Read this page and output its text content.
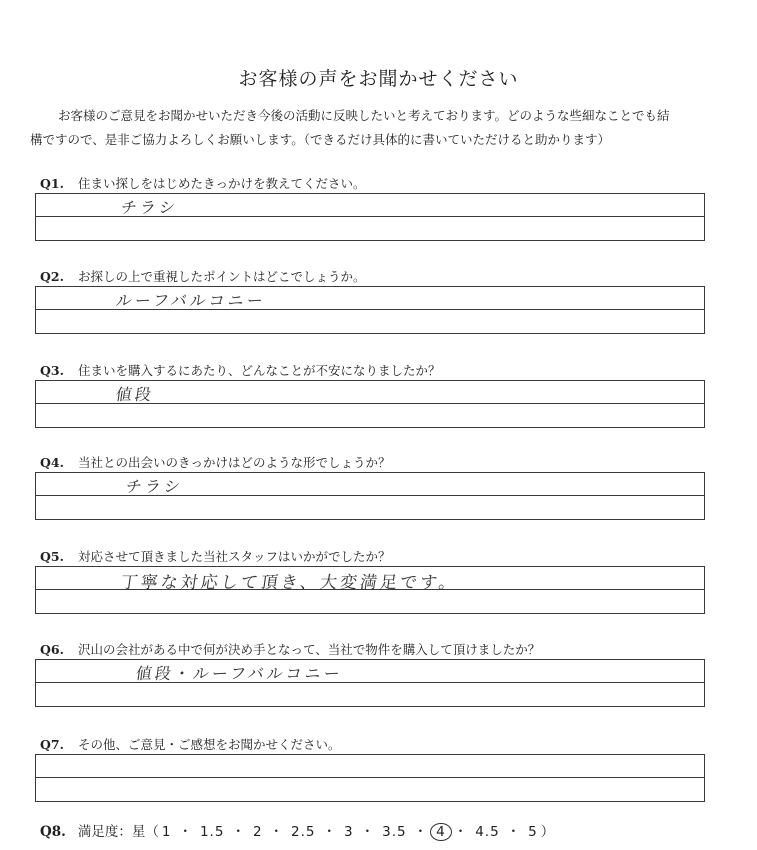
お客様の声をお聞かせください

お客様のご意見をお聞かせいただき今後の活動に反映したいと考えております。どのような些細なことでも結

構ですので、是非ご協力よろしくお願いします。（できるだけ具体的に書いていただけると助かります）

Q1. 住まい探しをはじめたきっかけを教えてください。
チラシ
Q2. お探しの上で重視したポイントはどこでしょうか。
ルーフバルコニー
Q3. 住まいを購入するにあたり、どんなことが不安になりましたか？
値段
Q4. 当社との出会いのきっかけはどのような形でしょうか？
チラシ
Q5. 対応させて頂きました当社スタッフはいかがでしたか？
丁寧な対応して頂き、大変満足です。
Q6. 沢山の会社がある中で何が決め手となって、当社で物件を購入して頂けましたか？
値段・ルーフバルコニー
Q7. その他、ご意見・ご感想をお聞かせください。
Q8. 満足度：星（ 1 ・ 1.5 ・ 2 ・ 2.5 ・ 3 ・ 3.5 ・ 4 ・ 4.5 ・ 5 ）
